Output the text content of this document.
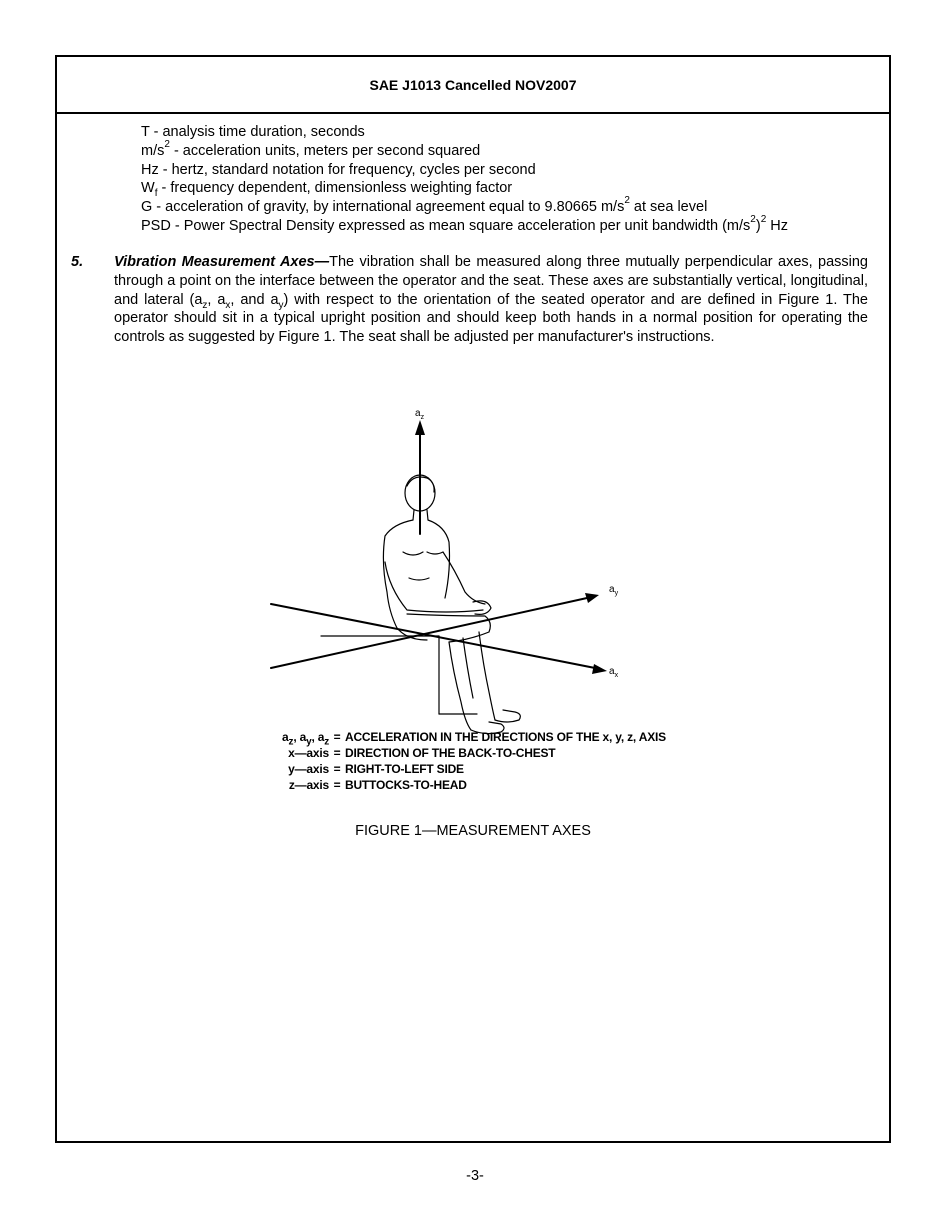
SAE J1013 Cancelled NOV2007
T - analysis time duration, seconds
$m/s^2$ - acceleration units, meters per second squared
Hz - hertz, standard notation for frequency, cycles per second
$W_f$ - frequency dependent, dimensionless weighting factor
G - acceleration of gravity, by international agreement equal to 9.80665 $m/s^2$ at sea level
PSD - Power Spectral Density expressed as mean square acceleration per unit bandwidth $(m/s^2)^2$ Hz
5. Vibration Measurement Axes—The vibration shall be measured along three mutually perpendicular axes, passing through a point on the interface between the operator and the seat. These axes are substantially vertical, longitudinal, and lateral ($a_z$, $a_x$, and $a_y$) with respect to the orientation of the seated operator and are defined in Figure 1. The operator should sit in a typical upright position and should keep both hands in a normal position for operating the controls as suggested by Figure 1. The seat shall be adjusted per manufacturer's instructions.
$a_z$
$a_y$
$a_x$
$a_z$, $a_y$, $a_z$ = ACCELERATION IN THE DIRECTIONS OF THE x, y, z, AXIS
x—axis = DIRECTION OF THE BACK-TO-CHEST
y—axis = RIGHT-TO-LEFT SIDE
z—axis = BUTTOCKS-TO-HEAD
FIGURE 1—MEASUREMENT AXES
-3-
